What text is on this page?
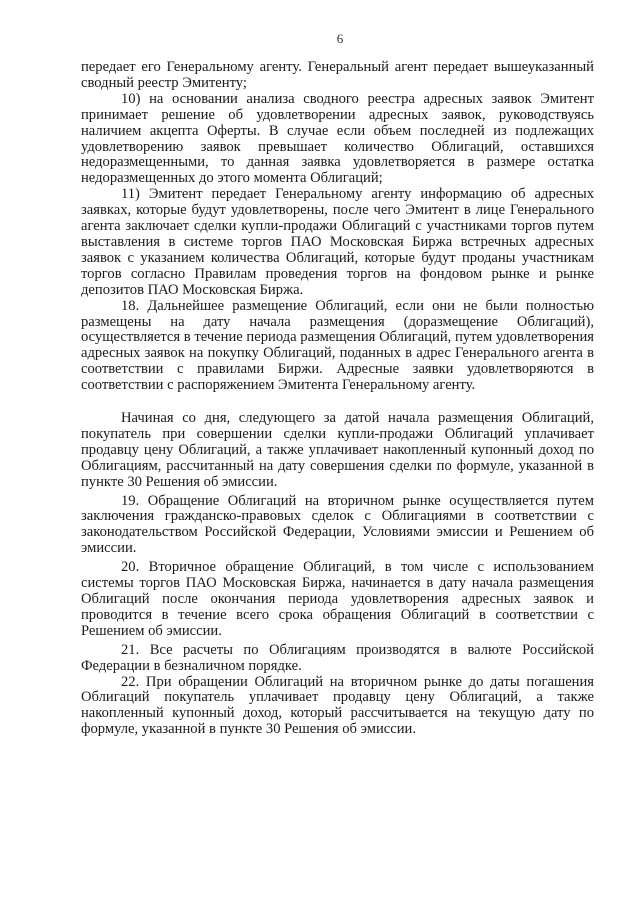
6

передает его Генеральному агенту. Генеральный агент передает вышеуказанный сводный реестр Эмитенту;

10) на основании анализа сводного реестра адресных заявок Эмитент принимает решение об удовлетворении адресных заявок, руководствуясь наличием акцепта Оферты. В случае если объем последней из подлежащих удовлетворению заявок превышает количество Облигаций, оставшихся недоразмещенными, то данная заявка удовлетворяется в размере остатка недоразмещенных до этого момента Облигаций;

11) Эмитент передает Генеральному агенту информацию об адресных заявках, которые будут удовлетворены, после чего Эмитент в лице Генерального агента заключает сделки купли-продажи Облигаций с участниками торгов путем выставления в системе торгов ПАО Московская Биржа встречных адресных заявок с указанием количества Облигаций, которые будут проданы участникам торгов согласно Правилам проведения торгов на фондовом рынке и рынке депозитов ПАО Московская Биржа.

18. Дальнейшее размещение Облигаций, если они не были полностью размещены на дату начала размещения (доразмещение Облигаций), осуществляется в течение периода размещения Облигаций, путем удовлетворения адресных заявок на покупку Облигаций, поданных в адрес Генерального агента в соответствии с правилами Биржи. Адресные заявки удовлетворяются в соответствии с распоряжением Эмитента Генеральному агенту.

Начиная со дня, следующего за датой начала размещения Облигаций, покупатель при совершении сделки купли-продажи Облигаций уплачивает продавцу цену Облигаций, а также уплачивает накопленный купонный доход по Облигациям, рассчитанный на дату совершения сделки по формуле, указанной в пункте 30 Решения об эмиссии.

19. Обращение Облигаций на вторичном рынке осуществляется путем заключения гражданско-правовых сделок с Облигациями в соответствии с законодательством Российской Федерации, Условиями эмиссии и Решением об эмиссии.

20. Вторичное обращение Облигаций, в том числе с использованием системы торгов ПАО Московская Биржа, начинается в дату начала размещения Облигаций после окончания периода удовлетворения адресных заявок и проводится в течение всего срока обращения Облигаций в соответствии с Решением об эмиссии.

21. Все расчеты по Облигациям производятся в валюте Российской Федерации в безналичном порядке.

22. При обращении Облигаций на вторичном рынке до даты погашения Облигаций покупатель уплачивает продавцу цену Облигаций, а также накопленный купонный доход, который рассчитывается на текущую дату по формуле, указанной в пункте 30 Решения об эмиссии.
